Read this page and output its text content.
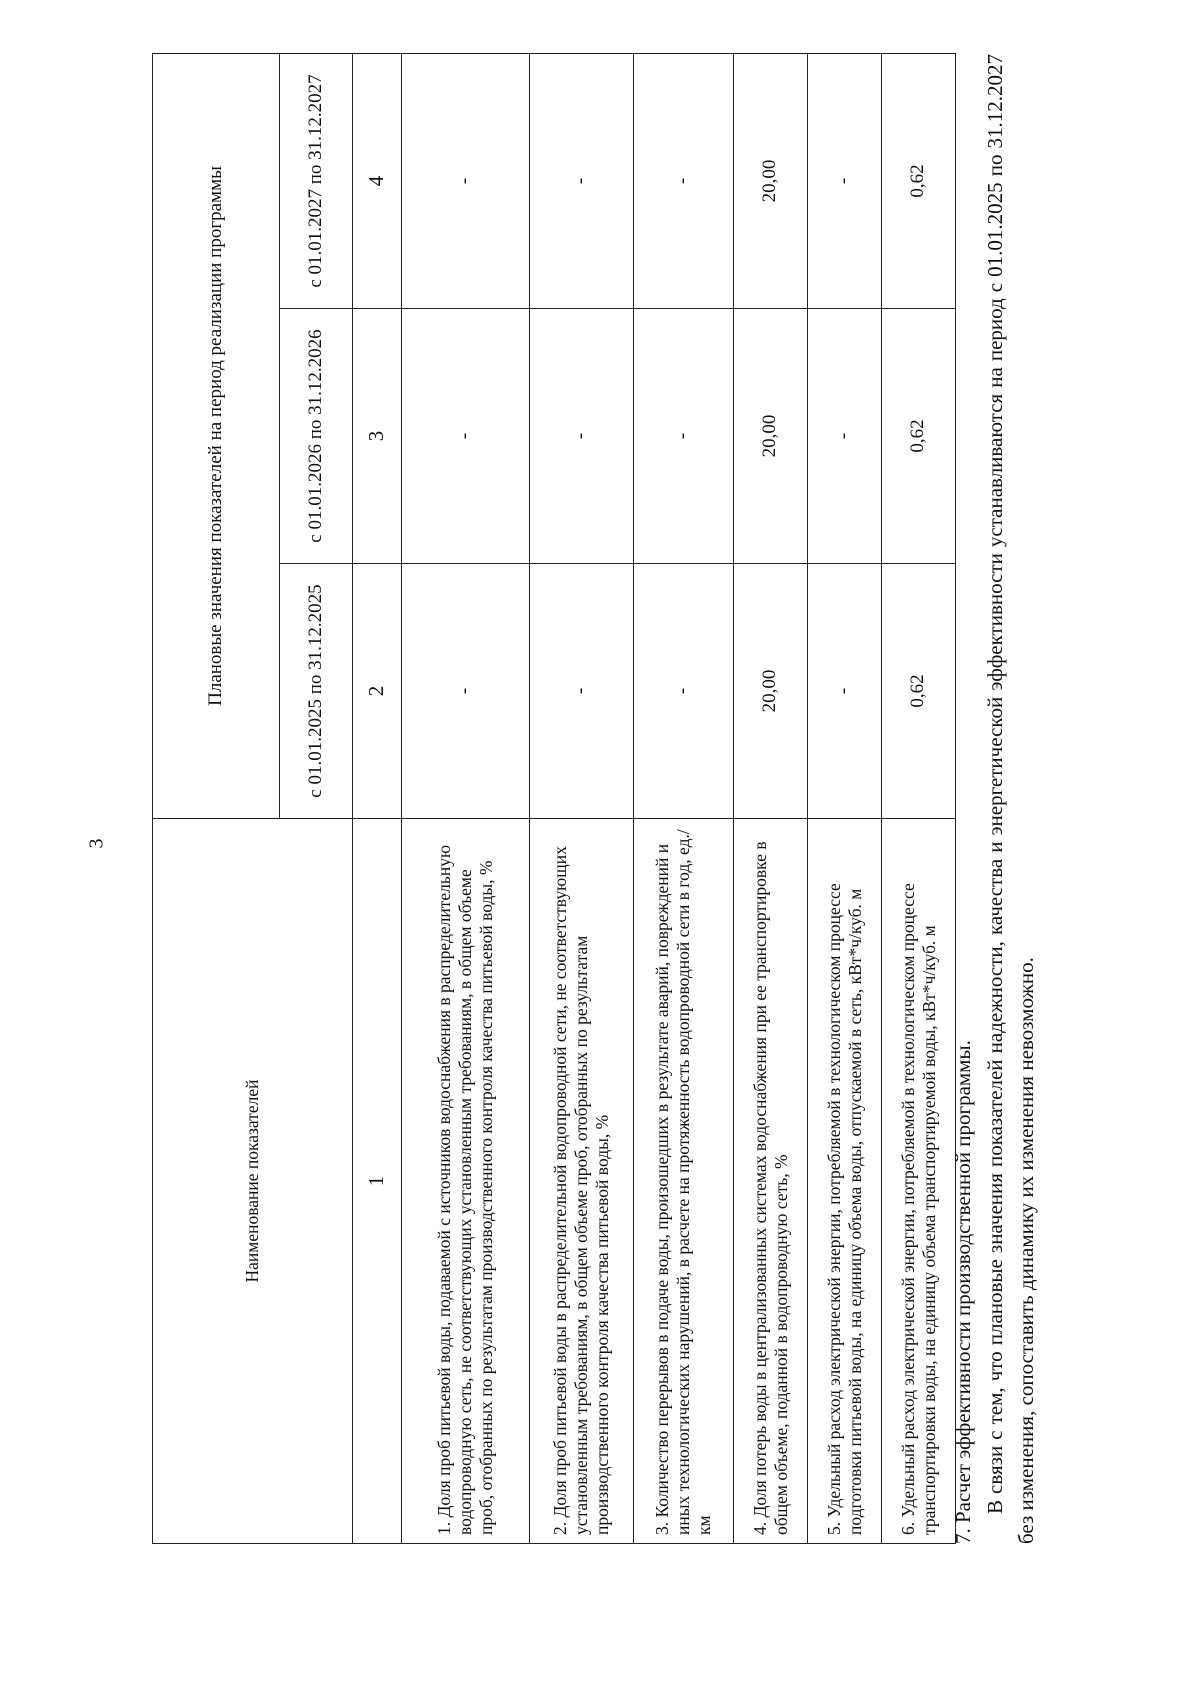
3
Наименование показателей	Плановые значения показателей на период реализации программы		
	с 01.01.2025 по 31.12.2025	с 01.01.2026 по 31.12.2026	с 01.01.2027 по 31.12.2027
1	2	3	4
1. Доля проб питьевой воды, подаваемой с источников водоснабжения в распределительную водопроводную сеть, не соответствующих установленным требованиям, в общем объеме проб, отобранных по результатам производственного контроля качества питьевой воды, %	-	-	-
2. Доля проб питьевой воды в распределительной водопроводной сети, не соответствующих установленным требованиям, в общем объеме проб, отобранных по результатам производственного контроля качества питьевой воды, %	-	-	-
3. Количество перерывов в подаче воды, произошедших в результате аварий, повреждений и иных технологических нарушений, в расчете на протяженность водопроводной сети в год, ед./км	-	-	-
4. Доля потерь воды в централизованных системах водоснабжения при ее транспортировке в общем объеме, поданной в водопроводную сеть, %	20,00	20,00	20,00
5. Удельный расход электрической энергии, потребляемой в технологическом процессе подготовки питьевой воды, на единицу объема воды, отпускаемой в сеть, кВт*ч/куб. м	-	-	-
6. Удельный расход электрической энергии, потребляемой в технологическом процессе транспортировки воды, на единицу объема транспортируемой воды, кВт*ч/куб. м	0,62	0,62	0,62

7. Расчет эффективности производственной программы. В связи с тем, что плановые значения показателей надежности, качества и энергетической эффективности устанавливаются на период с 01.01.2025 по 31.12.2027 без изменения, сопоставить динамику их изменения невозможно.
